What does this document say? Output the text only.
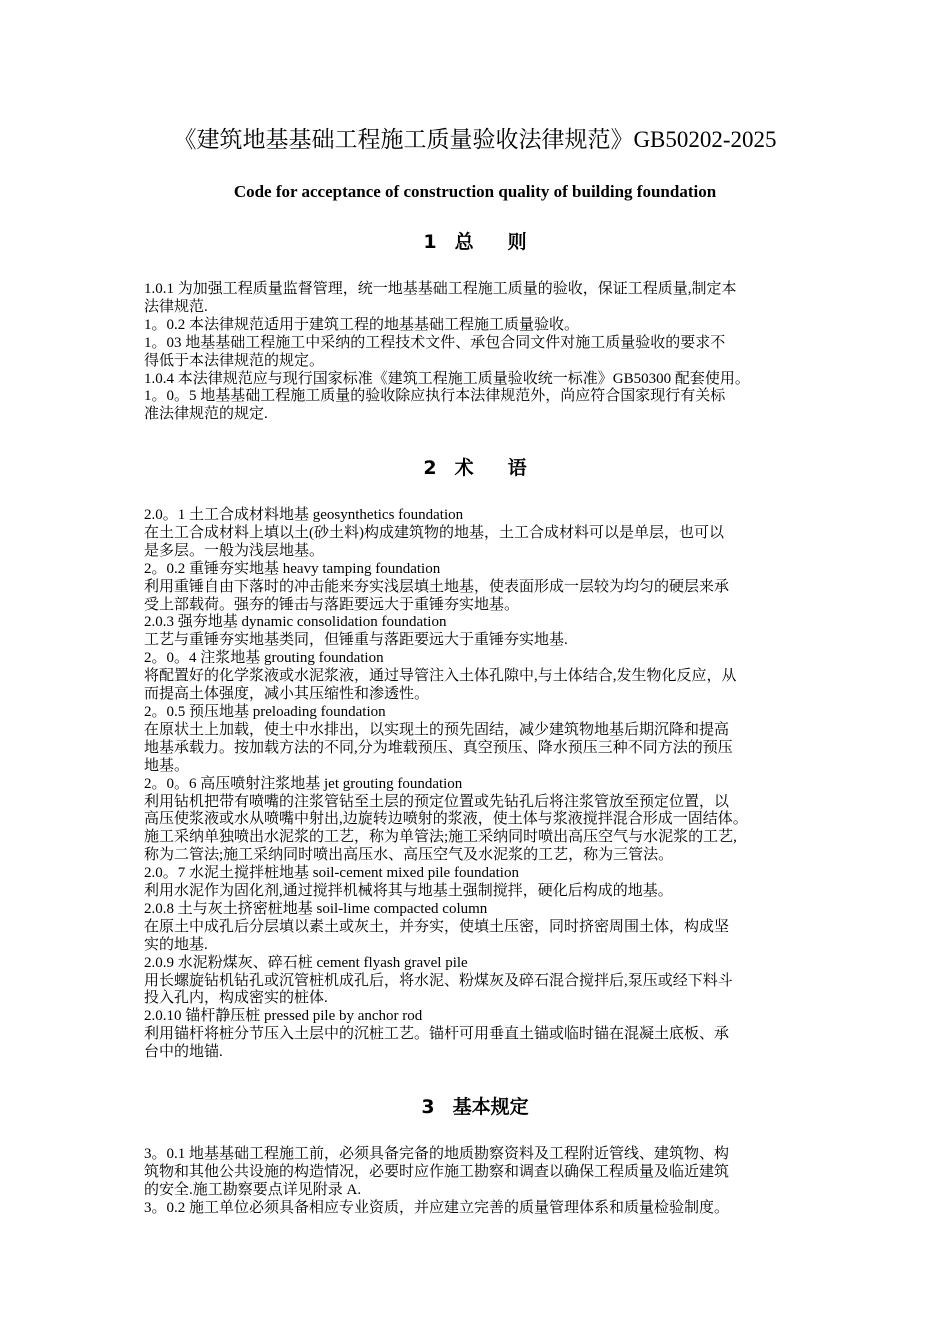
《建筑地基基础工程施工质量验收法律规范》GB50202-2025
Code for acceptance of construction quality of building foundation
1 总则

1.0.1 为加强工程质量监督管理，统一地基基础工程施工质量的验收，保证工程质量,制定本

法律规范.

1。0.2 本法律规范适用于建筑工程的地基基础工程施工质量验收。

1。03 地基基础工程施工中采纳的工程技术文件、承包合同文件对施工质量验收的要求不

得低于本法律规范的规定。

1.0.4 本法律规范应与现行国家标准《建筑工程施工质量验收统一标准》GB50300 配套使用。

1。0。5 地基基础工程施工质量的验收除应执行本法律规范外，尚应符合国家现行有关标

准法律规范的规定.

2 术语

2.0。1 土工合成材料地基 geosynthetics foundation

在土工合成材料上填以土(砂土料)构成建筑物的地基，土工合成材料可以是单层，也可以

是多层。一般为浅层地基。

2。0.2 重锤夯实地基 heavy tamping foundation

利用重锤自由下落时的冲击能来夯实浅层填土地基，使表面形成一层较为均匀的硬层来承

受上部载荷。强夯的锤击与落距要远大于重锤夯实地基。

2.0.3 强夯地基 dynamic consolidation foundation

工艺与重锤夯实地基类同，但锤重与落距要远大于重锤夯实地基.

2。0。4 注浆地基 grouting foundation

将配置好的化学浆液或水泥浆液，通过导管注入土体孔隙中,与土体结合,发生物化反应，从

而提高土体强度，减小其压缩性和渗透性。

2。0.5 预压地基 preloading foundation

在原状土上加载，使土中水排出，以实现土的预先固结，减少建筑物地基后期沉降和提高

地基承载力。按加载方法的不同,分为堆载预压、真空预压、降水预压三种不同方法的预压

地基。

2。0。6 高压喷射注浆地基 jet grouting foundation

利用钻机把带有喷嘴的注浆管钻至土层的预定位置或先钻孔后将注浆管放至预定位置，以

高压使浆液或水从喷嘴中射出,边旋转边喷射的浆液，使土体与浆液搅拌混合形成一固结体。

施工采纳单独喷出水泥浆的工艺，称为单管法;施工采纳同时喷出高压空气与水泥浆的工艺,

称为二管法;施工采纳同时喷出高压水、高压空气及水泥浆的工艺，称为三管法。

2.0。7 水泥土搅拌桩地基 soil-cement mixed pile foundation

利用水泥作为固化剂,通过搅拌机械将其与地基土强制搅拌，硬化后构成的地基。

2.0.8 土与灰土挤密桩地基 soil-lime compacted column

在原土中成孔后分层填以素土或灰土，并夯实，使填土压密，同时挤密周围土体，构成坚

实的地基.

2.0.9 水泥粉煤灰、碎石桩 cement flyash gravel pile

用长螺旋钻机钻孔或沉管桩机成孔后，将水泥、粉煤灰及碎石混合搅拌后,泵压或经下料斗

投入孔内，构成密实的桩体.

2.0.10 锚杆静压桩 pressed pile by anchor rod

利用锚杆将桩分节压入土层中的沉桩工艺。锚杆可用垂直土锚或临时锚在混凝土底板、承

台中的地锚.

3 基本规定

3。0.1 地基基础工程施工前，必须具备完备的地质勘察资料及工程附近管线、建筑物、构

筑物和其他公共设施的构造情况，必要时应作施工勘察和调查以确保工程质量及临近建筑

的安全.施工勘察要点详见附录 A.

3。0.2 施工单位必须具备相应专业资质，并应建立完善的质量管理体系和质量检验制度。
